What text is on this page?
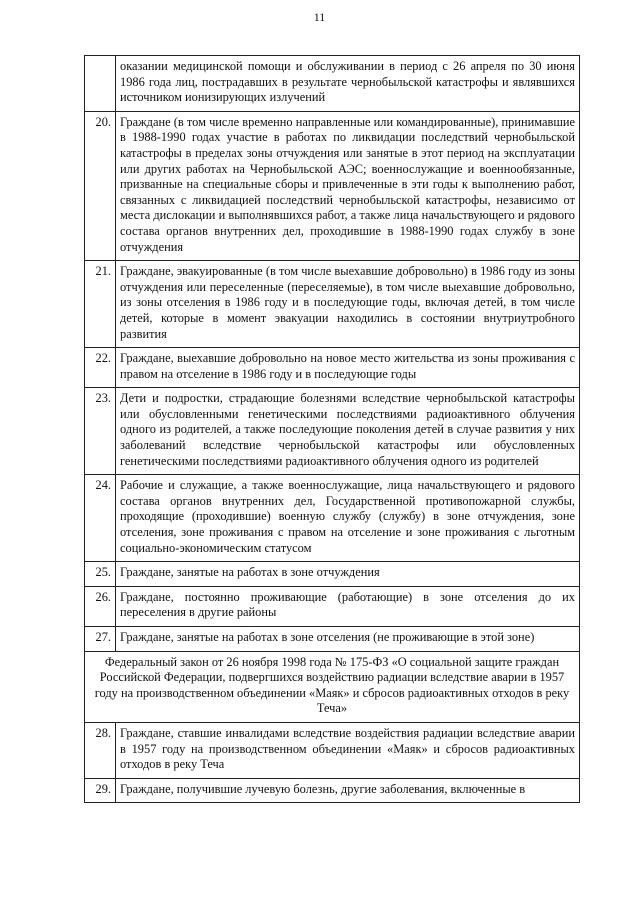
11
	оказании медицинской помощи и обслуживании в период с 26 апреля по 30 июня 1986 года лиц, пострадавших в результате чернобыльской катастрофы и являвшихся источником ионизирующих излучений
20.	Граждане (в том числе временно направленные или командированные), принимавшие в 1988-1990 годах участие в работах по ликвидации последствий чернобыльской катастрофы в пределах зоны отчуждения или занятые в этот период на эксплуатации или других работах на Чернобыльской АЭС; военнослужащие и военнообязанные, призванные на специальные сборы и привлеченные в эти годы к выполнению работ, связанных с ликвидацией последствий чернобыльской катастрофы, независимо от места дислокации и выполнявшихся работ, а также лица начальствующего и рядового состава органов внутренних дел, проходившие в 1988-1990 годах службу в зоне отчуждения
21.	Граждане, эвакуированные (в том числе выехавшие добровольно) в 1986 году из зоны отчуждения или переселенные (переселяемые), в том числе выехавшие добровольно, из зоны отселения в 1986 году и в последующие годы, включая детей, в том числе детей, которые в момент эвакуации находились в состоянии внутриутробного развития
22.	Граждане, выехавшие добровольно на новое место жительства из зоны проживания с правом на отселение в 1986 году и в последующие годы
23.	Дети и подростки, страдающие болезнями вследствие чернобыльской катастрофы или обусловленными генетическими последствиями радиоактивного облучения одного из родителей, а также последующие поколения детей в случае развития у них заболеваний вследствие чернобыльской катастрофы или обусловленных генетическими последствиями радиоактивного облучения одного из родителей
24.	Рабочие и служащие, а также военнослужащие, лица начальствующего и рядового состава органов внутренних дел, Государственной противопожарной службы, проходящие (проходившие) военную службу (службу) в зоне отчуждения, зоне отселения, зоне проживания с правом на отселение и зоне проживания с льготным социально-экономическим статусом
25.	Граждане, занятые на работах в зоне отчуждения
26.	Граждане, постоянно проживающие (работающие) в зоне отселения до их переселения в другие районы
27.	Граждане, занятые на работах в зоне отселения (не проживающие в этой зоне)
Федеральный закон от 26 ноября 1998 года № 175-ФЗ «О социальной защите граждан Российской Федерации, подвергшихся воздействию радиации вследствие аварии в 1957 году на производственном объединении «Маяк» и сбросов радиоактивных отходов в реку Теча»	
28.	Граждане, ставшие инвалидами вследствие воздействия радиации вследствие аварии в 1957 году на производственном объединении «Маяк» и сбросов радиоактивных отходов в реку Теча
29.	Граждане, получившие лучевую болезнь, другие заболевания, включенные в
